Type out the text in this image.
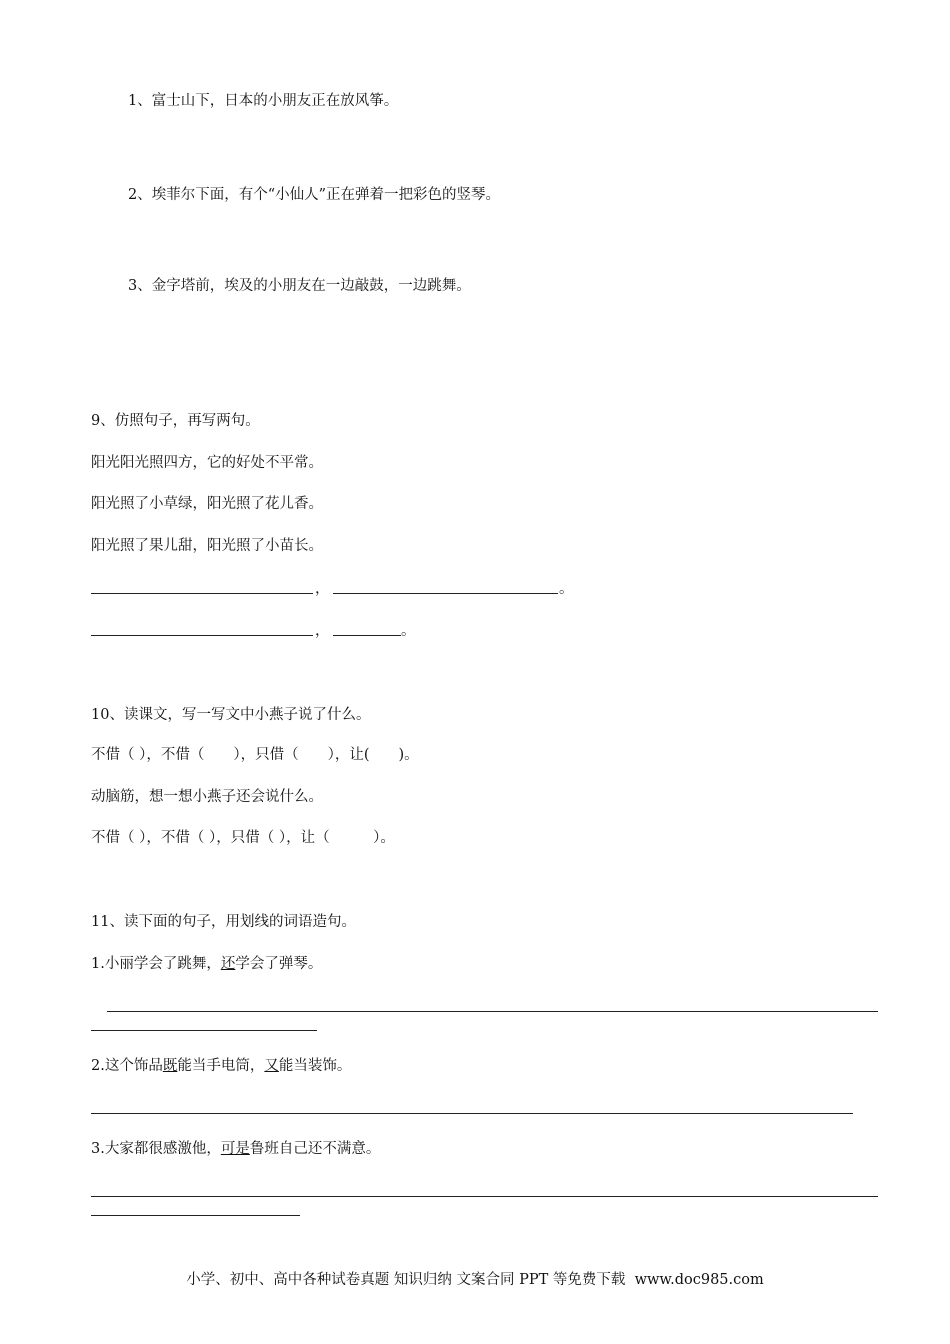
1、富士山下，日本的小朋友正在放风筝。
2、埃菲尔下面，有个“小仙人”正在弹着一把彩色的竖琴。
3、金字塔前，埃及的小朋友在一边敲鼓，一边跳舞。
9、仿照句子，再写两句。
阳光阳光照四方，它的好处不平常。
阳光照了小草绿，阳光照了花儿香。
阳光照了果儿甜，阳光照了小苗长。
，	。
，	。
10、读课文，写一写文中小燕子说了什么。
不借（ ），不借（　　），只借（　　），让(　　)。
动脑筋，想一想小燕子还会说什么。
不借（ ），不借（ ），只借（ ），让（　　　）。
11、读下面的句子，用划线的词语造句。
1.小丽学会了跳舞，还学会了弹琴。
2.这个饰品既能当手电筒，又能当装饰。
3.大家都很感激他，可是鲁班自己还不满意。
小学、初中、高中各种试卷真题 知识归纳 文案合同 PPT 等免费下载  www.doc985.com
